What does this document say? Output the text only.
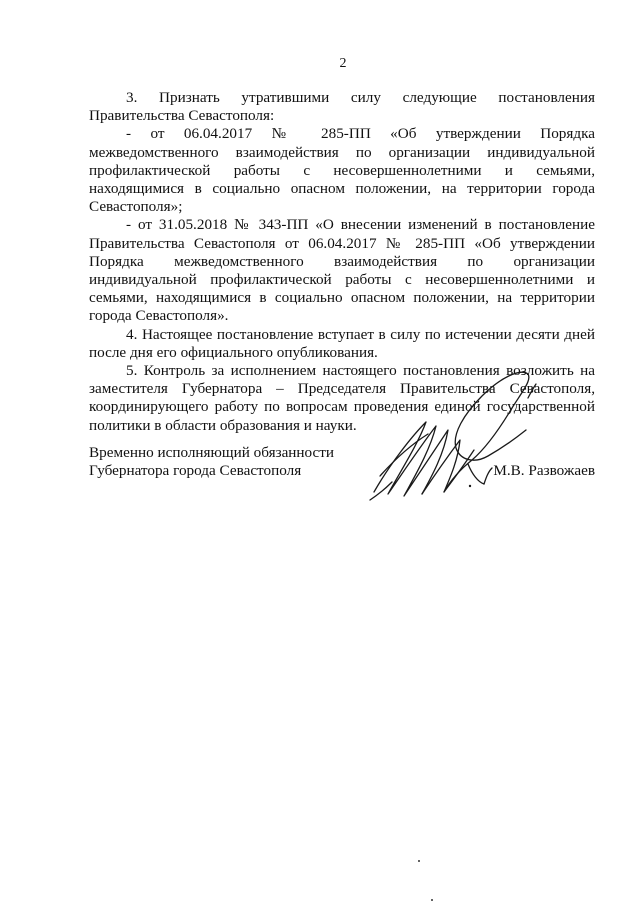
2

3. Признать утратившими силу следующие постановления Правительства Севастополя:

- от 06.04.2017 № 285-ПП «Об утверждении Порядка межведомственного взаимодействия по организации индивидуальной профилактической работы с несовершеннолетними и семьями, находящимися в социально опасном положении, на территории города Севастополя»;

- от 31.05.2018 № 343-ПП «О внесении изменений в постановление Правительства Севастополя от 06.04.2017 № 285-ПП «Об утверждении Порядка межведомственного взаимодействия по организации индивидуальной профилактической работы с несовершеннолетними и семьями, находящимися в социально опасном положении, на территории города Севастополя».

4. Настоящее постановление вступает в силу по истечении десяти дней после дня его официального опубликования.

5. Контроль за исполнением настоящего постановления возложить на заместителя Губернатора – Председателя Правительства Севастополя, координирующего работу по вопросам проведения единой государственной политики в области образования и науки.

Временно исполняющий обязанности
Губернатора города Севастополя	М.В. Развожаев
